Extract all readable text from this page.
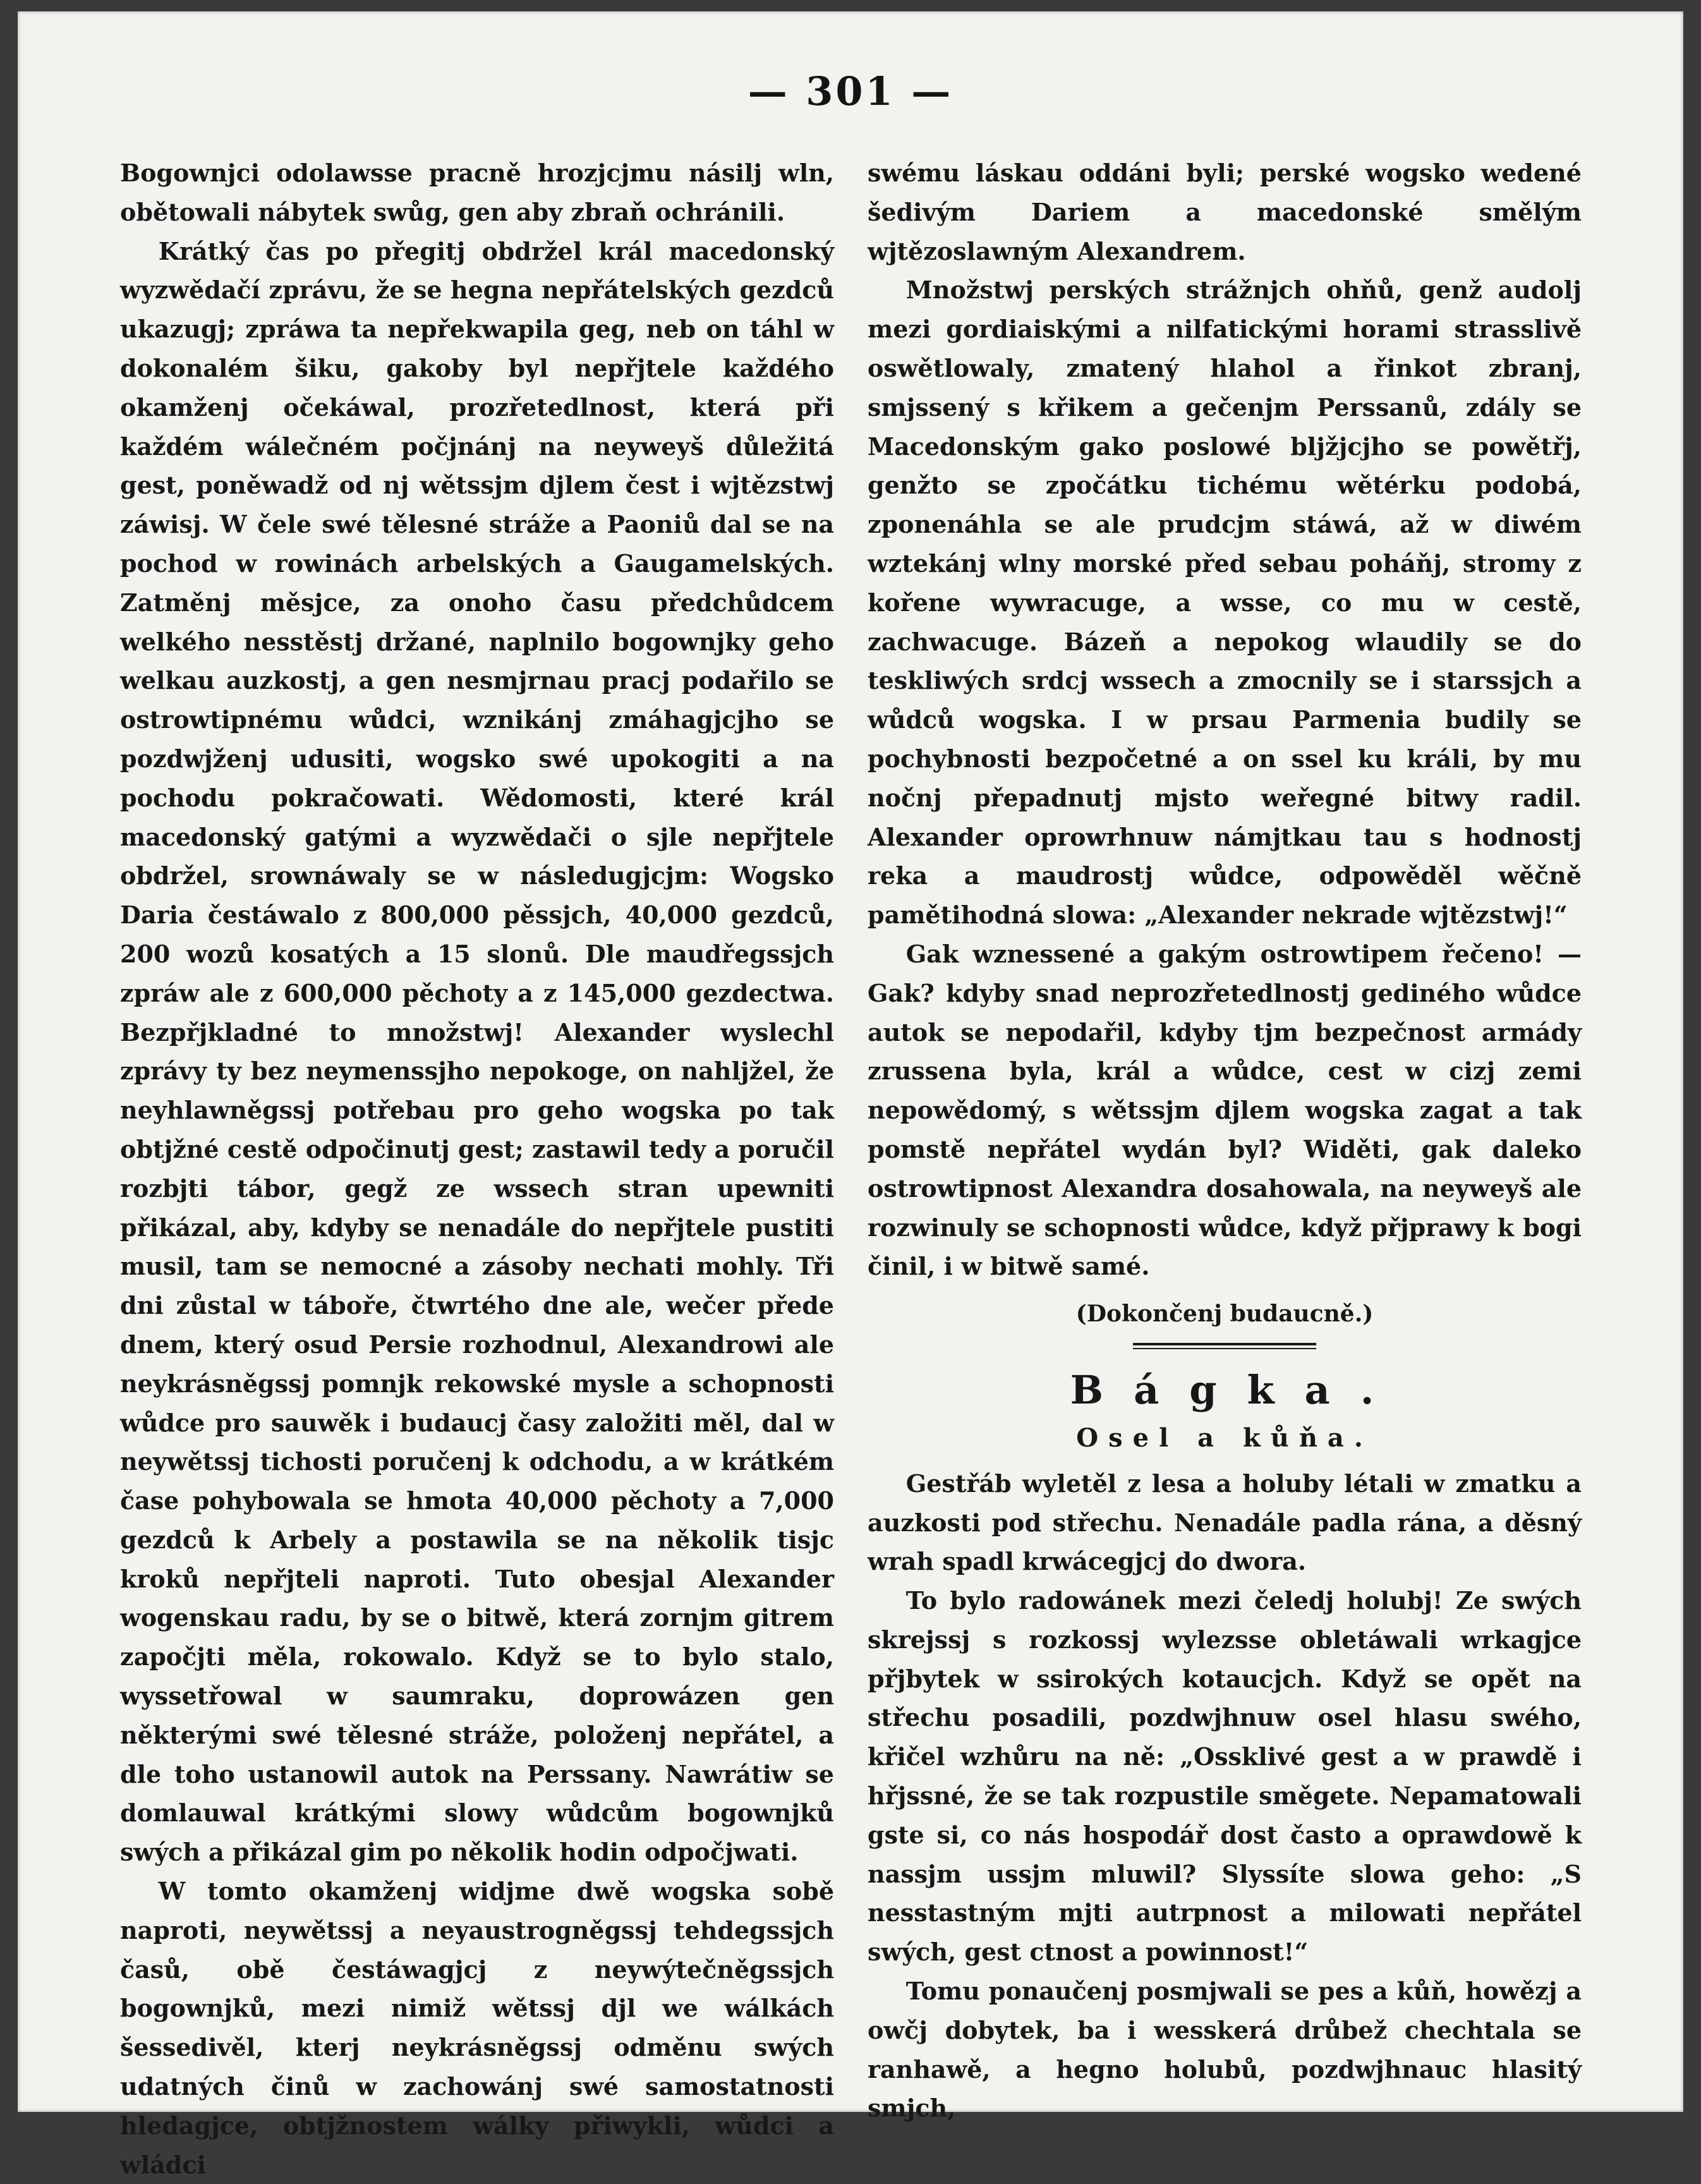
— 301 —

Bogownjci odolawsse pracně hrozjcjmu násilj wln, obětowali nábytek swůg, gen aby zbraň ochránili.

Krátký čas po přegitj obdržel král macedonský wyzwědačí zprávu, že se hegna nepřátelských gezdců ukazugj; zpráwa ta nepřekwapila geg, neb on táhl w dokonalém šiku, gakoby byl nepřjtele každého okamženj očekáwal, prozřetedlnost, která při každém wálečném počjnánj na neyweyš důležitá gest, poněwadž od nj wětssjm djlem čest i wjtězstwj záwisj. W čele swé tělesné stráže a Paoniů dal se na pochod w rowinách arbelských a Gaugamelských. Zatměnj měsjce, za onoho času předchůdcem welkého nesstěstj držané, naplnilo bogownjky geho welkau auzkostj, a gen nesmjrnau pracj podařilo se ostrowtipnému wůdci, wznikánj zmáhagjcjho se pozdwjženj udusiti, wogsko swé upokogiti a na pochodu pokračowati. Wědomosti, které král macedonský gatými a wyzwědači o sjle nepřjtele obdržel, srownáwaly se w následugjcjm: Wogsko Daria čestáwalo z 800,000 pěssjch, 40,000 gezdců, 200 wozů kosatých a 15 slonů. Dle maudřegssjch zpráw ale z 600,000 pěchoty a z 145,000 gezdectwa. Bezpřjkladné to množstwj! Alexander wyslechl zprávy ty bez neymenssjho nepokoge, on nahljžel, že neyhlawněgssj potřebau pro geho wogska po tak obtjžné cestě odpočinutj gest; zastawil tedy a poručil rozbjti tábor, gegž ze wssech stran upewniti přikázal, aby, kdyby se nenadále do nepřjtele pustiti musil, tam se nemocné a zásoby nechati mohly. Tři dni zůstal w táboře, čtwrtého dne ale, wečer přede dnem, který osud Persie rozhodnul, Alexandrowi ale neykrásněgssj pomnjk rekowské mysle a schopnosti wůdce pro sauwěk i budaucj časy založiti měl, dal w neywětssj tichosti poručenj k odchodu, a w krátkém čase pohybowala se hmota 40,000 pěchoty a 7,000 gezdců k Arbely a postawila se na několik tisjc kroků nepřjteli naproti. Tuto obesjal Alexander wogenskau radu, by se o bitwě, která zornjm gitrem započjti měla, rokowalo. Když se to bylo stalo, wyssetřowal w saumraku, doprowázen gen některými swé tělesné stráže, položenj nepřátel, a dle toho ustanowil autok na Perssany. Nawrátiw se domlauwal krátkými slowy wůdcům bogownjků swých a přikázal gim po několik hodin odpočjwati.

W tomto okamženj widjme dwě wogska sobě naproti, neywětssj a neyaustrogněgssj tehdegssjch časů, obě čestáwagjcj z neywýtečněgssjch bogownjků, mezi nimiž wětssj djl we wálkách šessedivěl, kterj neykrásněgssj odměnu swých udatných činů w zachowánj swé samostatnosti hledagjce, obtjžnostem wálky přiwykli, wůdci a wládci

swému láskau oddáni byli; perské wogsko wedené šedivým Dariem a macedonské smělým wjtězoslawným Alexandrem.

Množstwj perských strážnjch ohňů, genž audolj mezi gordiaiskými a nilfatickými horami strasslivě oswětlowaly, zmatený hlahol a řinkot zbranj, smjssený s křikem a gečenjm Perssanů, zdály se Macedonským gako poslowé bljžjcjho se powětřj, genžto se zpočátku tichému wětérku podobá, zponenáhla se ale prudcjm stáwá, až w diwém wztekánj wlny morské před sebau poháňj, stromy z kořene wywracuge, a wsse, co mu w cestě, zachwacuge. Bázeň a nepokog wlaudily se do teskliwých srdcj wssech a zmocnily se i starssjch a wůdců wogska. I w prsau Parmenia budily se pochybnosti bezpočetné a on ssel ku králi, by mu nočnj přepadnutj mjsto weřegné bitwy radil. Alexander oprowrhnuw námjtkau tau s hodnostj reka a maudrostj wůdce, odpowěděl wěčně pamětihodná slowa: „Alexander nekrade wjtězstwj!“

Gak wznessené a gakým ostrowtipem řečeno! — Gak? kdyby snad neprozřetedlnostj gediného wůdce autok se nepodařil, kdyby tjm bezpečnost armády zrussena byla, král a wůdce, cest w cizj zemi nepowědomý, s wětssjm djlem wogska zagat a tak pomstě nepřátel wydán byl? Widěti, gak daleko ostrowtipnost Alexandra dosahowala, na neyweyš ale rozwinuly se schopnosti wůdce, když přjprawy k bogi činil, i w bitwě samé.

(Dokončenj budaucně.)
Bágka.
Osel a kůňa.

Gestřáb wyletěl z lesa a holuby létali w zmatku a auzkosti pod střechu. Nenadále padla rána, a děsný wrah spadl krwácegjcj do dwora.

To bylo radowánek mezi čeledj holubj! Ze swých skrejssj s rozkossj wylezsse obletáwali wrkagjce přjbytek w ssirokých kotaucjch. Když se opět na střechu posadili, pozdwjhnuw osel hlasu swého, křičel wzhůru na ně: „Ossklivé gest a w prawdě i hřjssné, že se tak rozpustile směgete. Nepamatowali gste si, co nás hospodář dost často a oprawdowě k nassjm ussjm mluwil? Slyssíte slowa geho: „S nesstastným mjti autrpnost a milowati nepřátel swých, gest ctnost a powinnost!“

Tomu ponaučenj posmjwali se pes a kůň, howězj a owčj dobytek, ba i wesskerá drůbež chechtala se ranhawě, a hegno holubů, pozdwjhnauc hlasitý smjch,
